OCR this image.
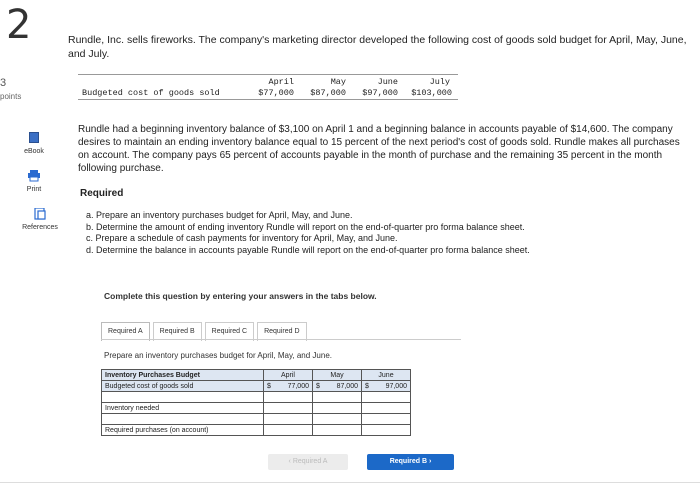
2
3
points
Rundle, Inc. sells fireworks. The company's marketing director developed the following cost of goods sold budget for April, May, June, and July.
April	May	June	July
Budgeted cost of goods sold	$77,000	$87,000	$97,000	$103,000
eBook
Print
References
Rundle had a beginning inventory balance of $3,100 on April 1 and a beginning balance in accounts payable of $14,600. The company desires to maintain an ending inventory balance equal to 15 percent of the next period's cost of goods sold. Rundle makes all purchases on account. The company pays 65 percent of accounts payable in the month of purchase and the remaining 35 percent in the month following purchase.
Required
a. Prepare an inventory purchases budget for April, May, and June.
b. Determine the amount of ending inventory Rundle will report on the end-of-quarter pro forma balance sheet.
c. Prepare a schedule of cash payments for inventory for April, May, and June.
d. Determine the balance in accounts payable Rundle will report on the end-of-quarter pro forma balance sheet.
Complete this question by entering your answers in the tabs below.
Required A	Required B	Required C	Required D
Prepare an inventory purchases budget for April, May, and June.
Inventory Purchases Budget	April	May	June
Budgeted cost of goods sold	$ 77,000	$ 87,000	$ 97,000

Inventory needed			

Required purchases (on account)			
‹ Required A	Required B ›
